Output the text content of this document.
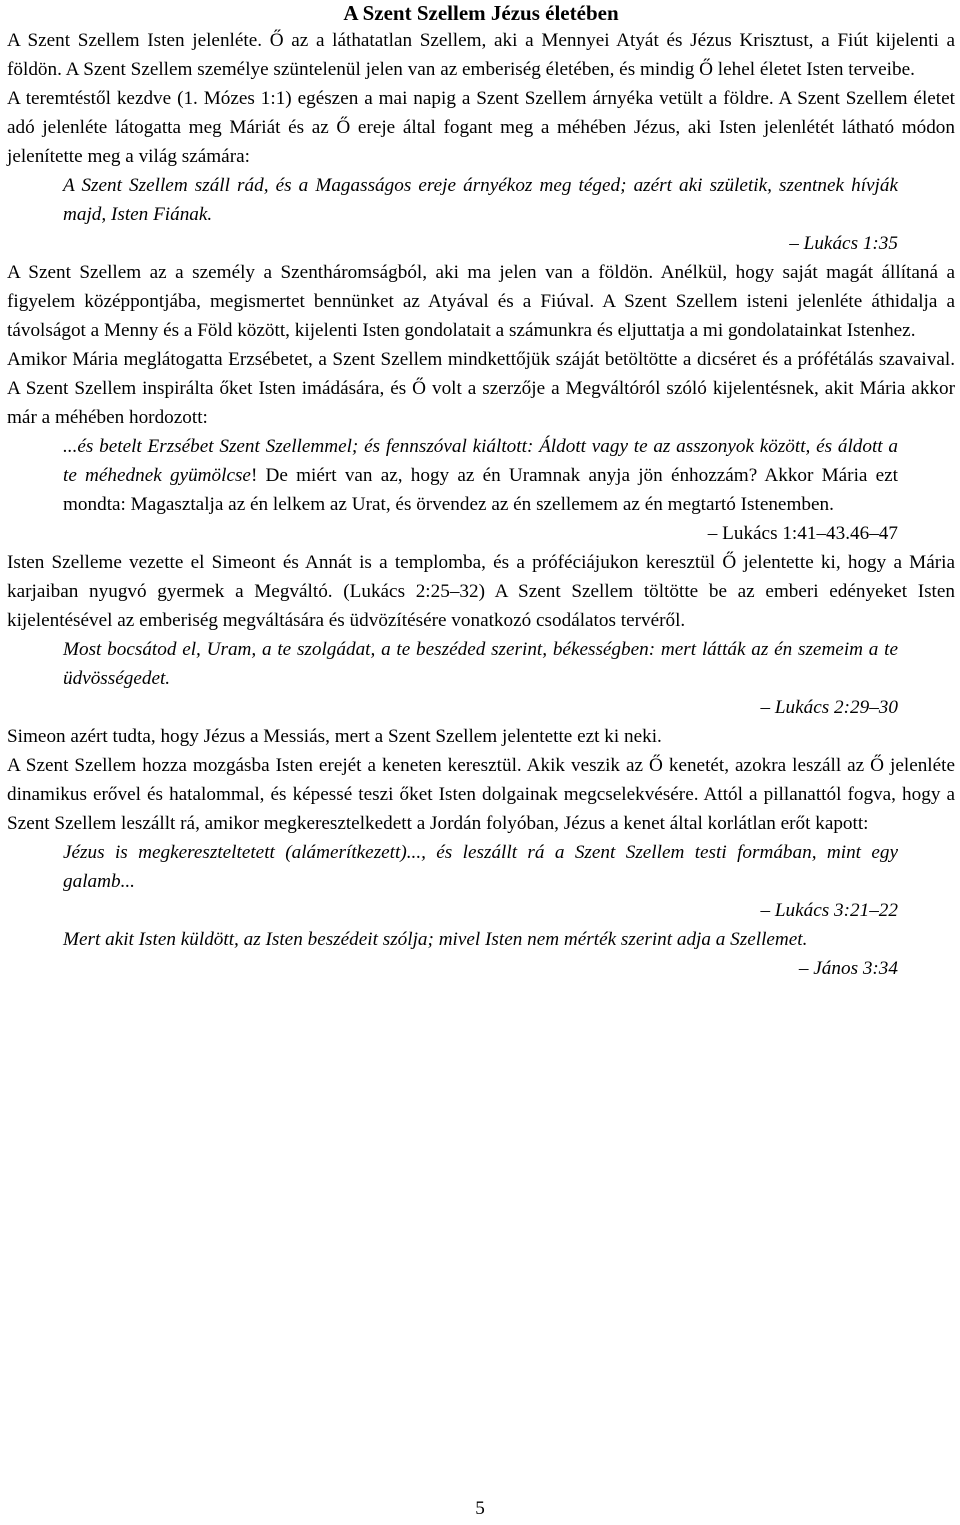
A Szent Szellem Jézus életében

A Szent Szellem Isten jelenléte. Ő az a láthatatlan Szellem, aki a Mennyei Atyát és Jézus Krisztust, a Fiút kijelenti a földön. A Szent Szellem személye szüntelenül jelen van az emberiség életében, és mindig Ő lehel életet Isten terveibe.

A teremtéstől kezdve (1. Mózes 1:1) egészen a mai napig a Szent Szellem árnyéka vetült a földre. A Szent Szellem életet adó jelenléte látogatta meg Máriát és az Ő ereje által fogant meg a méhében Jézus, aki Isten jelenlétét látható módon jelenítette meg a világ számára:

A Szent Szellem száll rád, és a Magasságos ereje árnyékoz meg téged; azért aki születik, szentnek hívják majd, Isten Fiának.

– Lukács 1:35

A Szent Szellem az a személy a Szentháromságból, aki ma jelen van a földön. Anélkül, hogy saját magát állítaná a figyelem középpontjába, megismertet bennünket az Atyával és a Fiúval. A Szent Szellem isteni jelenléte áthidalja a távolságot a Menny és a Föld között, kijelenti Isten gondolatait a számunkra és eljuttatja a mi gondolatainkat Istenhez.

Amikor Mária meglátogatta Erzsébetet, a Szent Szellem mindkettőjük száját betöltötte a dicséret és a prófétálás szavaival. A Szent Szellem inspirálta őket Isten imádására, és Ő volt a szerzője a Megváltóról szóló kijelentésnek, akit Mária akkor már a méhében hordozott:

...és betelt Erzsébet Szent Szellemmel; és fennszóval kiáltott: Áldott vagy te az asszonyok között, és áldott a te méhednek gyümölcse! De miért van az, hogy az én Uramnak anyja jön énhozzám? Akkor Mária ezt mondta: Magasztalja az én lelkem az Urat, és örvendez az én szellemem az én megtartó Istenemben.

– Lukács 1:41–43.46–47

Isten Szelleme vezette el Simeont és Annát is a templomba, és a próféciájukon keresztül Ő jelentette ki, hogy a Mária karjaiban nyugvó gyermek a Megváltó. (Lukács 2:25–32) A Szent Szellem töltötte be az emberi edényeket Isten kijelentésével az emberiség megváltására és üdvözítésére vonatkozó csodálatos tervéről.

Most bocsátod el, Uram, a te szolgádat, a te beszéded szerint, békességben: mert látták az én szemeim a te üdvösségedet.

– Lukács 2:29–30

Simeon azért tudta, hogy Jézus a Messiás, mert a Szent Szellem jelentette ezt ki neki.

A Szent Szellem hozza mozgásba Isten erejét a keneten keresztül. Akik veszik az Ő kenetét, azokra leszáll az Ő jelenléte dinamikus erővel és hatalommal, és képessé teszi őket Isten dolgainak megcselekvésére. Attól a pillanattól fogva, hogy a Szent Szellem leszállt rá, amikor megkeresztelkedett a Jordán folyóban, Jézus a kenet által korlátlan erőt kapott:

Jézus is megkereszteltetett (alámerítkezett)..., és leszállt rá a Szent Szellem testi formában, mint egy galamb...

– Lukács 3:21–22

Mert akit Isten küldött, az Isten beszédeit szólja; mivel Isten nem mérték szerint adja a Szellemet.

– János 3:34

5
